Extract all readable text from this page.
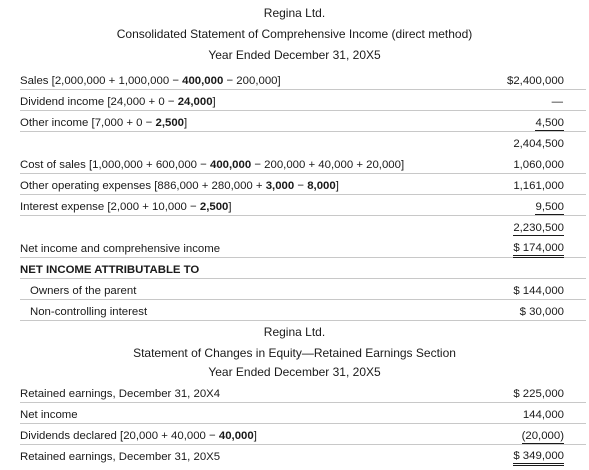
Regina Ltd.
Consolidated Statement of Comprehensive Income (direct method)
Year Ended December 31, 20X5
Sales [2,000,000 + 1,000,000 − 400,000 − 200,000]	$2,400,000
Dividend income [24,000 + 0 − 24,000]	—
Other income [7,000 + 0 − 2,500]	4,500
2,404,500
Cost of sales [1,000,000 + 600,000 − 400,000 − 200,000 + 40,000 + 20,000]	1,060,000
Other operating expenses [886,000 + 280,000 + 3,000 − 8,000]	1,161,000
Interest expense [2,000 + 10,000 − 2,500]	9,500
2,230,500
Net income and comprehensive income	$ 174,000
NET INCOME ATTRIBUTABLE TO
Owners of the parent	$ 144,000
Non-controlling interest	$ 30,000
Regina Ltd.
Statement of Changes in Equity—Retained Earnings Section
Year Ended December 31, 20X5
Retained earnings, December 31, 20X4	$ 225,000
Net income	144,000
Dividends declared [20,000 + 40,000 − 40,000]	(20,000)
Retained earnings, December 31, 20X5	$ 349,000
